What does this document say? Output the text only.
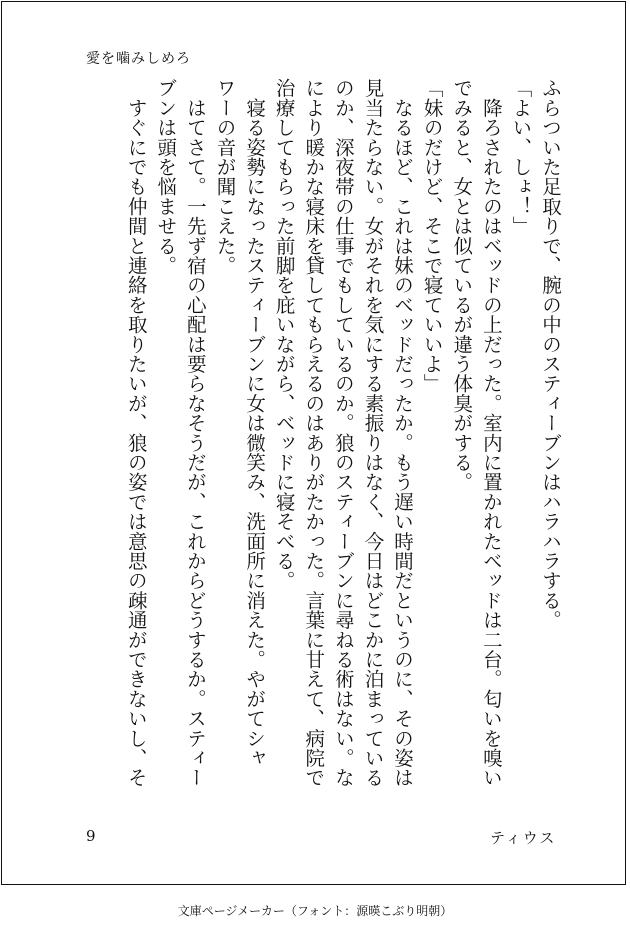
愛を噛みしめろ
ふらついた足取りで、腕の中のスティーブンはハラハラする。
「よい、しょ！」
　降ろされたのはベッドの上だった。室内に置かれたベッドは二台。匂いを嗅い
でみると、女とは似ているが違う体臭がする。
「妹のだけど、そこで寝ていいよ」
　なるほど、これは妹のベッドだったか。もう遅い時間だというのに、その姿は
見当たらない。女がそれを気にする素振りはなく、今日はどこかに泊まっている
のか、深夜帯の仕事でもしているのか。狼のスティーブンに尋ねる術はない。な
により暖かな寝床を貸してもらえるのはありがたかった。言葉に甘えて、病院で
治療してもらった前脚を庇いながら、ベッドに寝そべる。
　寝る姿勢になったスティーブンに女は微笑み、洗面所に消えた。やがてシャ
ワーの音が聞こえた。
　はてさて。一先ず宿の心配は要らなそうだが、これからどうするか。スティー
ブンは頭を悩ませる。
　すぐにでも仲間と連絡を取りたいが、狼の姿では意思の疎通ができないし、そ
9	ティウス
文庫ページメーカー（フォント：源暎こぶり明朝）
